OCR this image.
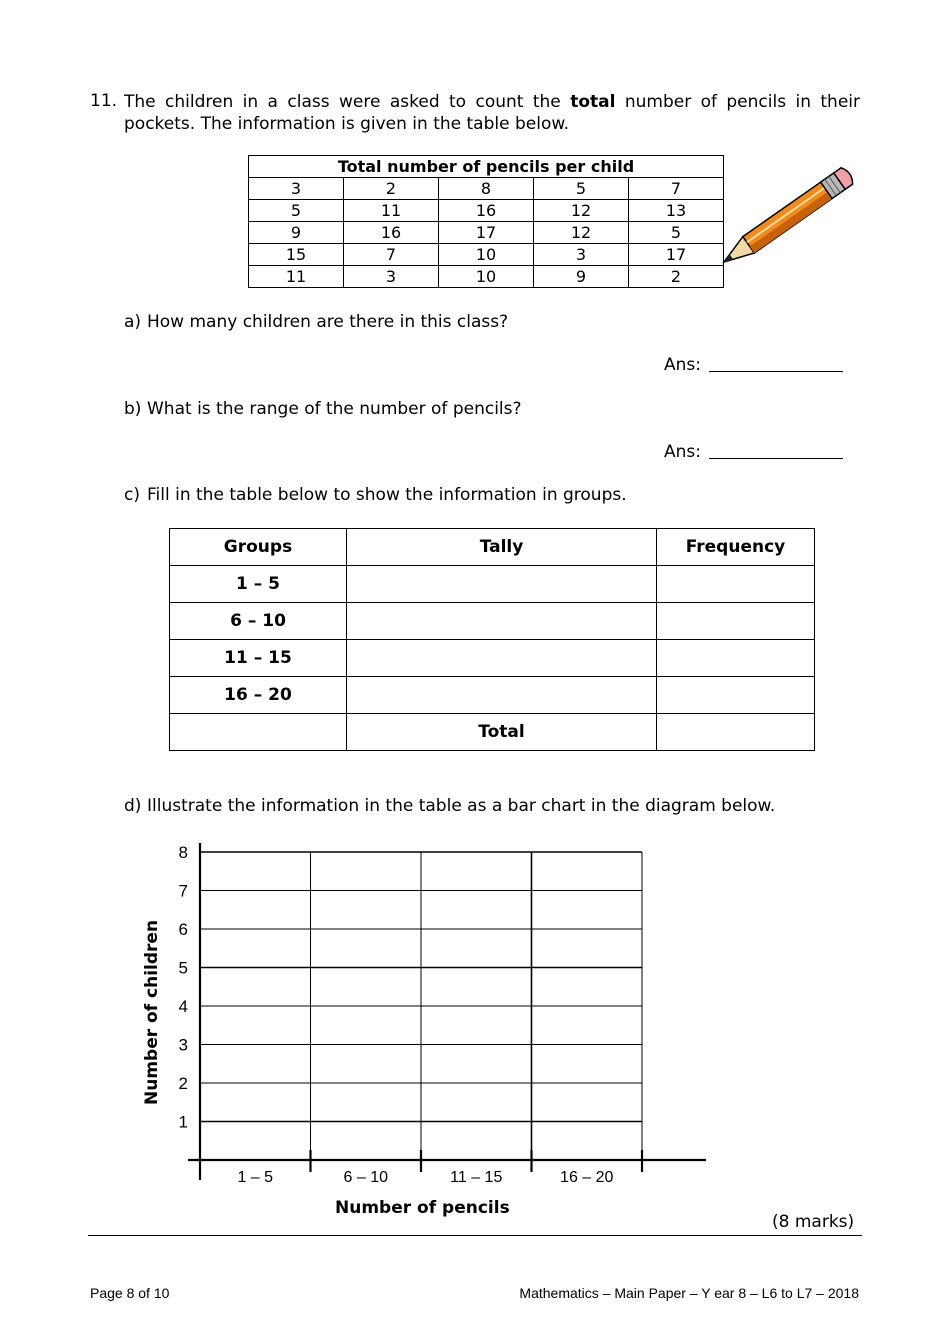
11. The children in a class were asked to count the total number of pencils in their pockets. The information is given in the table below.
Total number of pencils per child				
3	2	8	5	7
5	11	16	12	13
9	16	17	12	5
15	7	10	3	17
11	3	10	9	2
a) How many children are there in this class?
Ans:
b) What is the range of the number of pencils?
Ans:
c) Fill in the table below to show the information in groups.
Groups	Tally	Frequency
1 – 5		
6 – 10		
11 – 15		
16 – 20		
	Total	
d) Illustrate the information in the table as a bar chart in the diagram below.
1
2
3
4
5
6
7
8
1 – 5	6 – 10	11 – 15	16 – 20
Number of children
Number of pencils
(8 marks)
Page 8 of 10	Mathematics – Main Paper – Y ear 8 – L6 to L7 – 2018
